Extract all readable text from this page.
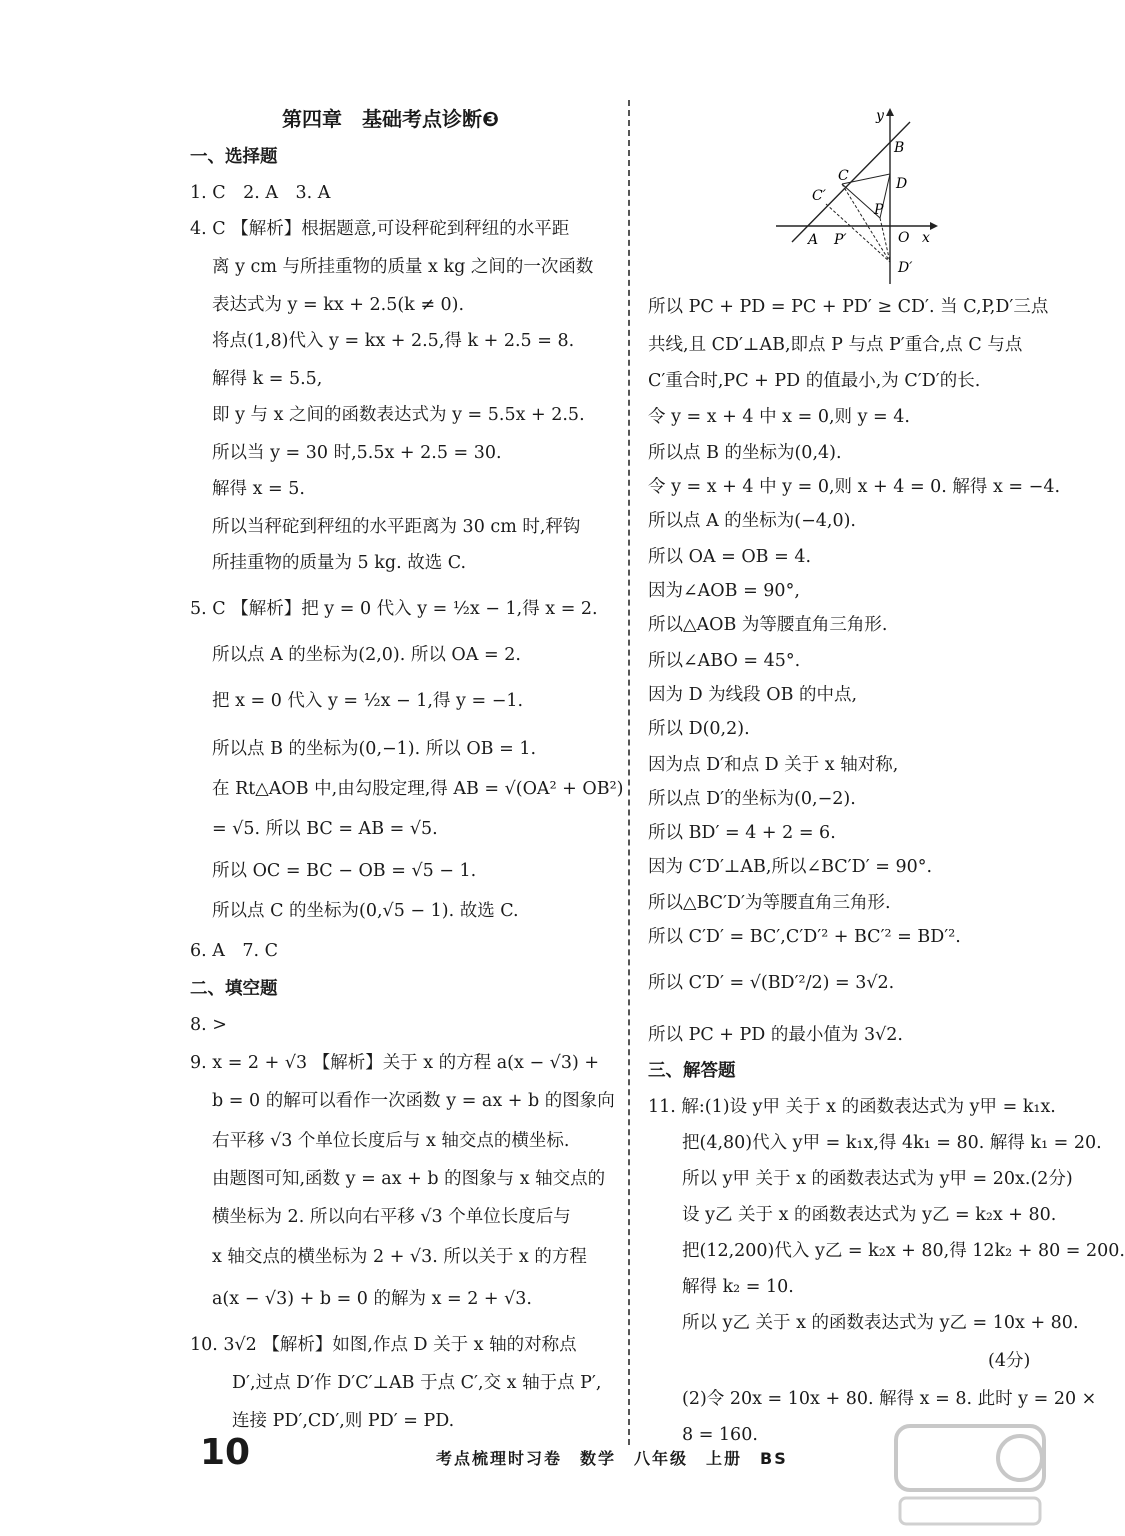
第四章　基础考点诊断❸
一、选择题
1. C　2. A　3. A
4. C 【解析】根据题意,可设秤砣到秤纽的水平距
离 y cm 与所挂重物的质量 x kg 之间的一次函数
表达式为 y = kx + 2.5(k ≠ 0).
将点(1,8)代入 y = kx + 2.5,得 k + 2.5 = 8.
解得 k = 5.5,
即 y 与 x 之间的函数表达式为 y = 5.5x + 2.5.
所以当 y = 30 时,5.5x + 2.5 = 30.
解得 x = 5.
所以当秤砣到秤纽的水平距离为 30 cm 时,秤钩
所挂重物的质量为 5 kg. 故选 C.
5. C 【解析】把 y = 0 代入 y = ½x − 1,得 x = 2.
所以点 A 的坐标为(2,0). 所以 OA = 2.
把 x = 0 代入 y = ½x − 1,得 y = −1.
所以点 B 的坐标为(0,−1). 所以 OB = 1.
在 Rt△AOB 中,由勾股定理,得 AB = √(OA² + OB²)
= √5. 所以 BC = AB = √5.
所以 OC = BC − OB = √5 − 1.
所以点 C 的坐标为(0,√5 − 1). 故选 C.
6. A　7. C
二、填空题
8. >
9. x = 2 + √3 【解析】关于 x 的方程 a(x − √3) +
b = 0 的解可以看作一次函数 y = ax + b 的图象向
右平移 √3 个单位长度后与 x 轴交点的横坐标.
由题图可知,函数 y = ax + b 的图象与 x 轴交点的
横坐标为 2. 所以向右平移 √3 个单位长度后与
x 轴交点的横坐标为 2 + √3. 所以关于 x 的方程
a(x − √3) + b = 0 的解为 x = 2 + √3.
10. 3√2 【解析】如图,作点 D 关于 x 轴的对称点
D′,过点 D′作 D′C′⊥AB 于点 C′,交 x 轴于点 P′,
连接 PD′,CD′,则 PD′ = PD.
所以 PC + PD = PC + PD′ ≥ CD′. 当 C,P,D′三点
共线,且 CD′⊥AB,即点 P 与点 P′重合,点 C 与点
C′重合时,PC + PD 的值最小,为 C′D′的长.
令 y = x + 4 中 x = 0,则 y = 4.
所以点 B 的坐标为(0,4).
令 y = x + 4 中 y = 0,则 x + 4 = 0. 解得 x = −4.
所以点 A 的坐标为(−4,0).
所以 OA = OB = 4.
因为∠AOB = 90°,
所以△AOB 为等腰直角三角形.
所以∠ABO = 45°.
因为 D 为线段 OB 的中点,
所以 D(0,2).
因为点 D′和点 D 关于 x 轴对称,
所以点 D′的坐标为(0,−2).
所以 BD′ = 4 + 2 = 6.
因为 C′D′⊥AB,所以∠BC′D′ = 90°.
所以△BC′D′为等腰直角三角形.
所以 C′D′ = BC′,C′D′² + BC′² = BD′².
所以 C′D′ = √(BD′²/2) = 3√2.
所以 PC + PD 的最小值为 3√2.
三、解答题
11. 解:(1)设 y甲 关于 x 的函数表达式为 y甲 = k₁x.
把(4,80)代入 y甲 = k₁x,得 4k₁ = 80. 解得 k₁ = 20.
所以 y甲 关于 x 的函数表达式为 y甲 = 20x.(2分)
设 y乙 关于 x 的函数表达式为 y乙 = k₂x + 80.
把(12,200)代入 y乙 = k₂x + 80,得 12k₂ + 80 = 200.
解得 k₂ = 10.
所以 y乙 关于 x 的函数表达式为 y乙 = 10x + 80.
(4分)
(2)令 20x = 10x + 80. 解得 x = 8. 此时 y = 20 ×
8 = 160.
y
x
O
A
B
C
C′
D
P
P′
D′
10	考点梳理时习卷　数学　八年级　上册　BS
